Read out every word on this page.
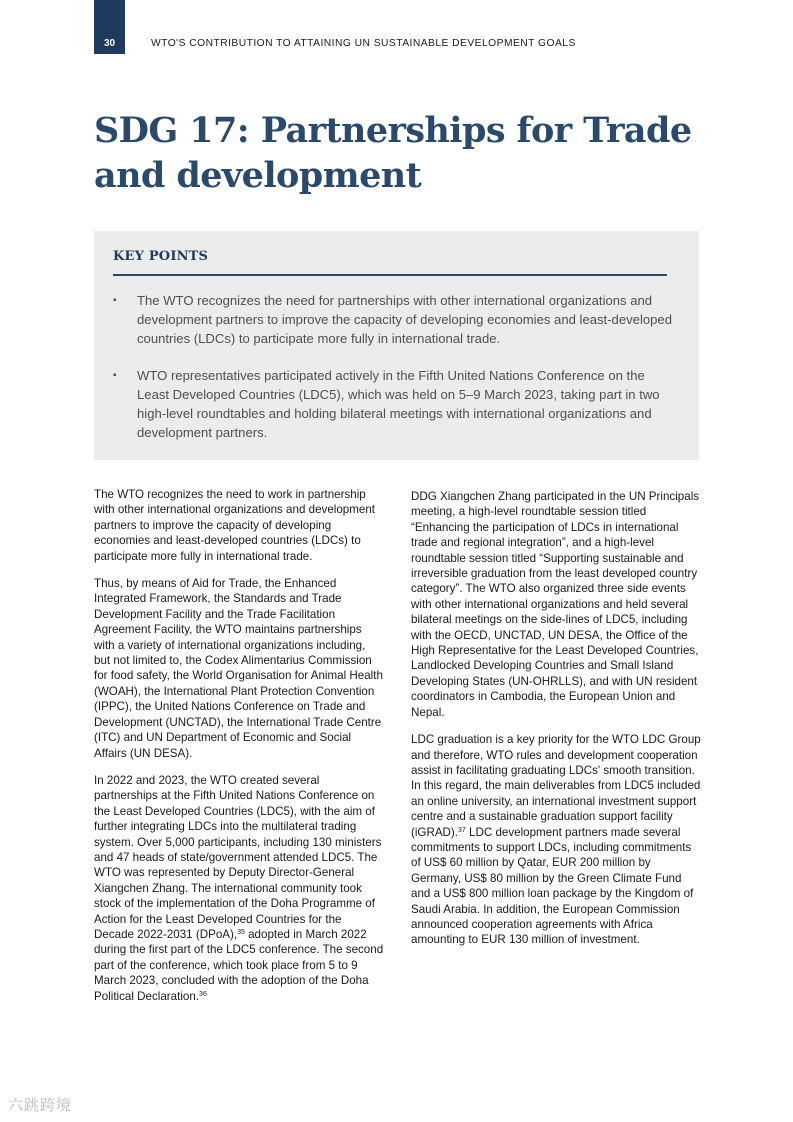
30	WTO'S CONTRIBUTION TO ATTAINING UN SUSTAINABLE DEVELOPMENT GOALS
SDG 17: Partnerships for Trade and development
KEY POINTS
▪ The WTO recognizes the need for partnerships with other international organizations and development partners to improve the capacity of developing economies and least-developed countries (LDCs) to participate more fully in international trade.
▪ WTO representatives participated actively in the Fifth United Nations Conference on the Least Developed Countries (LDC5), which was held on 5–9 March 2023, taking part in two high-level roundtables and holding bilateral meetings with international organizations and development partners.

The WTO recognizes the need to work in partnership with other international organizations and development partners to improve the capacity of developing economies and least-developed countries (LDCs) to participate more fully in international trade.

Thus, by means of Aid for Trade, the Enhanced Integrated Framework, the Standards and Trade Development Facility and the Trade Facilitation Agreement Facility, the WTO maintains partnerships with a variety of international organizations including, but not limited to, the Codex Alimentarius Commission for food safety, the World Organisation for Animal Health (WOAH), the International Plant Protection Convention (IPPC), the United Nations Conference on Trade and Development (UNCTAD), the International Trade Centre (ITC) and UN Department of Economic and Social Affairs (UN DESA).

In 2022 and 2023, the WTO created several partnerships at the Fifth United Nations Conference on the Least Developed Countries (LDC5), with the aim of further integrating LDCs into the multilateral trading system. Over 5,000 participants, including 130 ministers and 47 heads of state/government attended LDC5. The WTO was represented by Deputy Director-General Xiangchen Zhang. The international community took stock of the implementation of the Doha Programme of Action for the Least Developed Countries for the Decade 2022-2031 (DPoA),$^{35}$ adopted in March 2022 during the first part of the LDC5 conference. The second part of the conference, which took place from 5 to 9 March 2023, concluded with the adoption of the Doha Political Declaration.$^{36}$

DDG Xiangchen Zhang participated in the UN Principals meeting, a high-level roundtable session titled “Enhancing the participation of LDCs in international trade and regional integration”, and a high-level roundtable session titled “Supporting sustainable and irreversible graduation from the least developed country category”. The WTO also organized three side events with other international organizations and held several bilateral meetings on the side-lines of LDC5, including with the OECD, UNCTAD, UN DESA, the Office of the High Representative for the Least Developed Countries, Landlocked Developing Countries and Small Island Developing States (UN-OHRLLS), and with UN resident coordinators in Cambodia, the European Union and Nepal.

LDC graduation is a key priority for the WTO LDC Group and therefore, WTO rules and development cooperation assist in facilitating graduating LDCs' smooth transition. In this regard, the main deliverables from LDC5 included an online university, an international investment support centre and a sustainable graduation support facility (iGRAD).$^{37}$ LDC development partners made several commitments to support LDCs, including commitments of US$ 60 million by Qatar, EUR 200 million by Germany, US$ 80 million by the Green Climate Fund and a US$ 800 million loan package by the Kingdom of Saudi Arabia. In addition, the European Commission announced cooperation agreements with Africa amounting to EUR 130 million of investment.

六跳跨境
